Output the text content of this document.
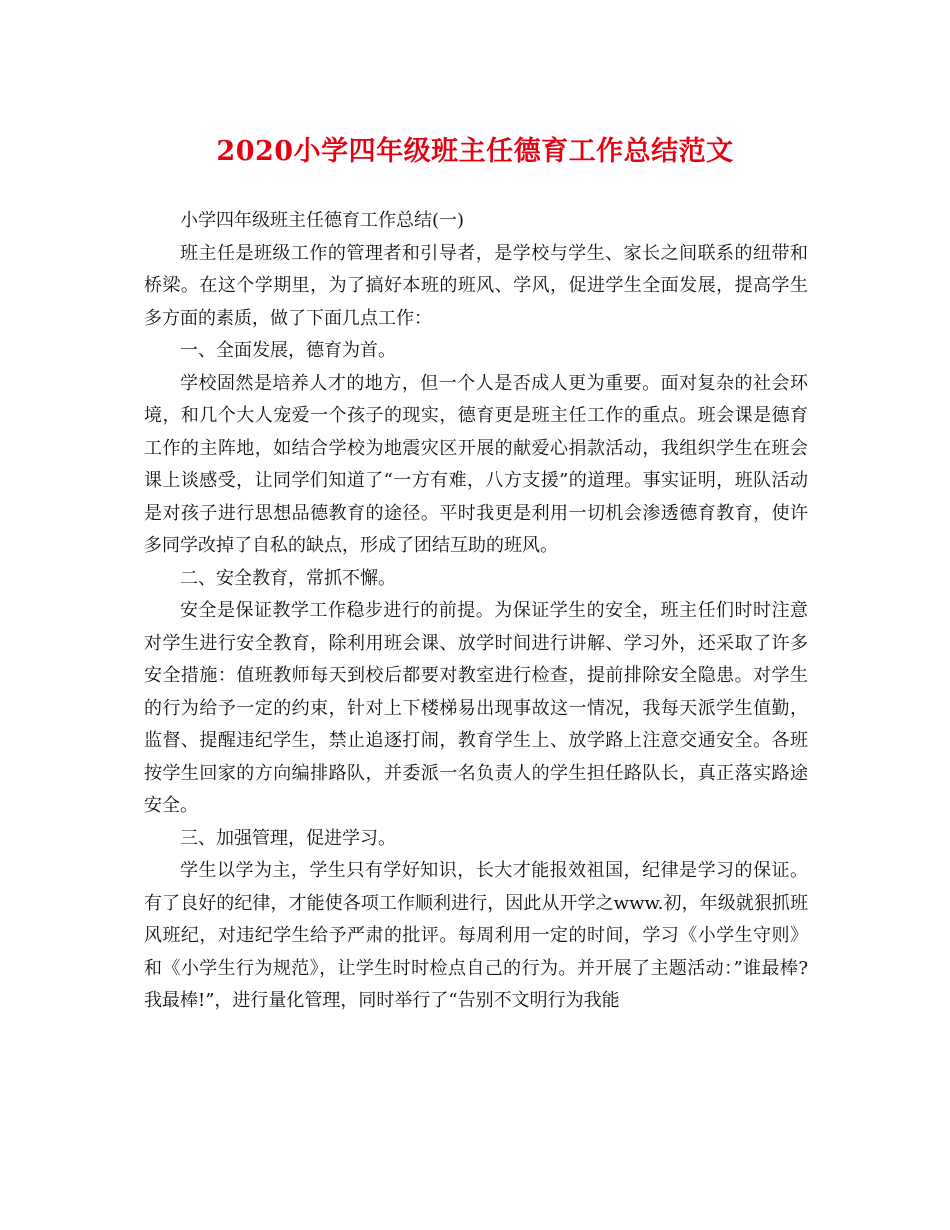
2020小学四年级班主任德育工作总结范文

小学四年级班主任德育工作总结(一)

班主任是班级工作的管理者和引导者，是学校与学生、家长之间联系的纽带和桥梁。在这个学期里，为了搞好本班的班风、学风，促进学生全面发展，提高学生多方面的素质，做了下面几点工作：

一、全面发展，德育为首。

学校固然是培养人才的地方，但一个人是否成人更为重要。面对复杂的社会环境，和几个大人宠爱一个孩子的现实，德育更是班主任工作的重点。班会课是德育工作的主阵地，如结合学校为地震灾区开展的献爱心捐款活动，我组织学生在班会课上谈感受，让同学们知道了“一方有难，八方支援”的道理。事实证明，班队活动是对孩子进行思想品德教育的途径。平时我更是利用一切机会渗透德育教育，使许多同学改掉了自私的缺点，形成了团结互助的班风。

二、安全教育，常抓不懈。

安全是保证教学工作稳步进行的前提。为保证学生的安全，班主任们时时注意对学生进行安全教育，除利用班会课、放学时间进行讲解、学习外，还采取了许多安全措施：值班教师每天到校后都要对教室进行检查，提前排除安全隐患。对学生的行为给予一定的约束，针对上下楼梯易出现事故这一情况，我每天派学生值勤，监督、提醒违纪学生，禁止追逐打闹，教育学生上、放学路上注意交通安全。各班按学生回家的方向编排路队，并委派一名负责人的学生担任路队长，真正落实路途安全。

三、加强管理，促进学习。

学生以学为主，学生只有学好知识，长大才能报效祖国，纪律是学习的保证。有了良好的纪律，才能使各项工作顺利进行，因此从开学之www.初，年级就狠抓班风班纪，对违纪学生给予严肃的批评。每周利用一定的时间，学习《小学生守则》和《小学生行为规范》，让学生时时检点自己的行为。并开展了主题活动：”谁最棒?我最棒!”，进行量化管理，同时举行了“告别不文明行为我能
